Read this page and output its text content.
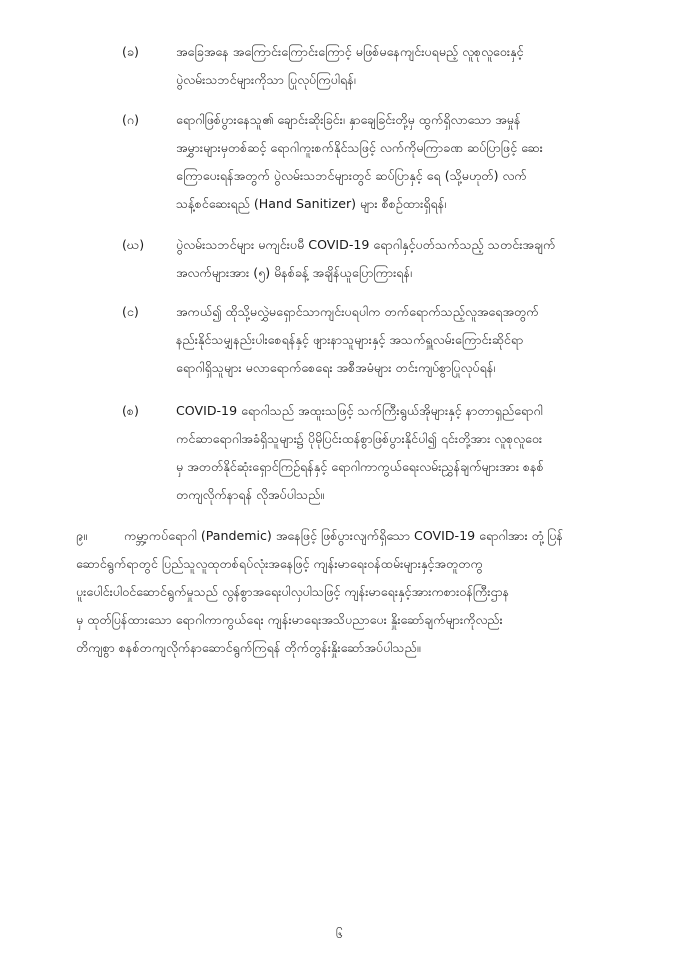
(ခ)	အခြေအနေ အကြောင်းကြောင်းကြောင့် မဖြစ်မနေကျင်းပရမည့် လူစုလူဝေးနှင့်
ပွဲလမ်းသဘင်များကိုသာ ပြုလုပ်ကြပါရန်၊
(ဂ)	ရောဂါဖြစ်ပွားနေသူ၏ ချောင်းဆိုးခြင်း၊ နှာချေခြင်းတို့မှ ထွက်ရှိလာသော အမှုန်
အမွှားများမှတစ်ဆင့် ရောဂါကူးစက်နိုင်သဖြင့် လက်ကိုမကြာခဏ ဆပ်ပြာဖြင့် ဆေး
ကြောပေးရန်အတွက် ပွဲလမ်းသဘင်များတွင် ဆပ်ပြာနှင့် ရေ (သို့မဟုတ်) လက်
သန့်စင်ဆေးရည် (Hand Sanitizer) များ စီစဉ်ထားရှိရန်၊
(ဃ)	ပွဲလမ်းသဘင်များ မကျင်းပမီ COVID-19 ရောဂါနှင့်ပတ်သက်သည့် သတင်းအချက်
အလက်များအား (၅) မိနစ်ခန့် အချိန်ယူပြောကြားရန်၊
(င)	အကယ်၍ ထိုသို့မလွှဲမရှောင်သာကျင်းပရပါက တက်ရောက်သည့်လူအရေအတွက်
နည်းနိုင်သမျှနည်းပါးစေရန်နှင့် ဖျားနာသူများနှင့် အသက်ရှူလမ်းကြောင်းဆိုင်ရာ
ရောဂါရှိသူများ မလာရောက်စေရေး အစီအမံများ တင်းကျပ်စွာပြုလုပ်ရန်၊
(စ)	COVID-19 ရောဂါသည် အထူးသဖြင့် သက်ကြီးရွယ်အိုများနှင့် နာတာရှည်ရောဂါ
ကင်ဆာရောဂါအခံရှိသူများ၌ ပိုမိုပြင်းထန်စွာဖြစ်ပွားနိုင်ပါ၍ ၎င်းတို့အား လူစုလူဝေး
မှ အတတ်နိုင်ဆုံးရှောင်ကြဉ်ရန်နှင့် ရောဂါကာကွယ်ရေးလမ်းညွှန်ချက်များအား စနစ်
တကျလိုက်နာရန် လိုအပ်ပါသည်။
၉။	ကမ္ဘာ့ကပ်ရောဂါ (Pandemic) အနေဖြင့် ဖြစ်ပွားလျက်ရှိသော COVID-19 ရောဂါအား တုံ့ပြန်
ဆောင်ရွက်ရာတွင် ပြည်သူလူထုတစ်ရပ်လုံးအနေဖြင့် ကျန်းမာရေးဝန်ထမ်းများနှင့်အတူတကွ
ပူးပေါင်းပါဝင်ဆောင်ရွက်မှုသည် လွန်စွာအရေးပါလှပါသဖြင့် ကျန်းမာရေးနှင့်အားကစားဝန်ကြီးဌာန
မှ ထုတ်ပြန်ထားသော ရောဂါကာကွယ်ရေး ကျန်းမာရေးအသိပညာပေး နှိုးဆော်ချက်များကိုလည်း
တိကျစွာ စနစ်တကျလိုက်နာဆောင်ရွက်ကြရန် တိုက်တွန်းနှိုးဆော်အပ်ပါသည်။
၆
